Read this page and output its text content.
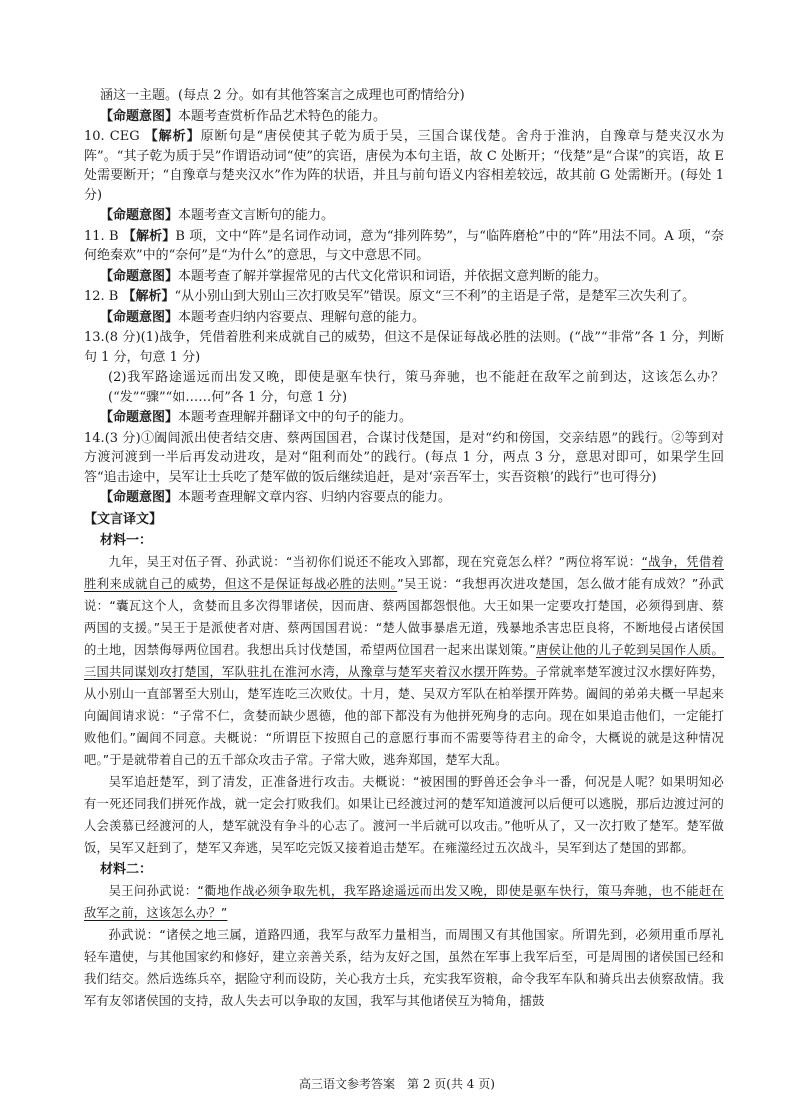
涵这一主题。(每点 2 分。如有其他答案言之成理也可酌情给分)

【命题意图】本题考查赏析作品艺术特色的能力。

10. CEG 【解析】原断句是“唐侯使其子乾为质于吴，三国合谋伐楚。舍舟于淮汭，自豫章与楚夹汉水为阵”。“其子乾为质于吴”作谓语动词“使”的宾语，唐侯为本句主语，故 C 处断开；“伐楚”是“合谋”的宾语，故 E 处需要断开；“自豫章与楚夹汉水”作为阵的状语，并且与前句语义内容相差较远，故其前 G 处需断开。(每处 1 分)

【命题意图】本题考查文言断句的能力。

11. B 【解析】B 项，文中“阵”是名词作动词，意为“排列阵势”，与“临阵磨枪”中的“阵”用法不同。A 项，“奈何绝秦欢”中的“奈何”是“为什么”的意思，与文中意思不同。

【命题意图】本题考查了解并掌握常见的古代文化常识和词语，并依据文意判断的能力。

12. B 【解析】“从小别山到大别山三次打败吴军”错误。原文“三不利”的主语是子常，是楚军三次失利了。

【命题意图】本题考查归纳内容要点、理解句意的能力。

13.(8 分)(1)战争，凭借着胜利来成就自己的威势，但这不是保证每战必胜的法则。(“战”“非常”各 1 分，判断句 1 分，句意 1 分)

(2)我军路途遥远而出发又晚，即使是驱车快行，策马奔驰，也不能赶在敌军之前到达，这该怎么办？(“发”“骤”“如……何”各 1 分，句意 1 分)

【命题意图】本题考查理解并翻译文中的句子的能力。

14.(3 分)①阖闾派出使者结交唐、蔡两国国君，合谋讨伐楚国，是对“约和傍国，交亲结恩”的践行。②等到对方渡河渡到一半后再发动进攻，是对“阻利而处”的践行。(每点 1 分，两点 3 分，意思对即可，如果学生回答“追击途中，吴军让士兵吃了楚军做的饭后继续追赶，是对‘亲吾军士，实吾资粮’的践行”也可得分)

【命题意图】本题考查理解文章内容、归纳内容要点的能力。

【文言译文】
材料一：

九年，吴王对伍子胥、孙武说：“当初你们说还不能攻入郢都，现在究竟怎么样？”两位将军说：“战争，凭借着胜利来成就自己的威势，但这不是保证每战必胜的法则。”吴王说：“我想再次进攻楚国，怎么做才能有成效？”孙武说：“囊瓦这个人，贪婪而且多次得罪诸侯，因而唐、蔡两国都怨恨他。大王如果一定要攻打楚国，必须得到唐、蔡两国的支援。”吴王于是派使者对唐、蔡两国国君说：“楚人做事暴虐无道，残暴地杀害忠臣良将，不断地侵占诸侯国的土地，因禁侮辱两位国君。我想出兵讨伐楚国，希望两位国君一起来出谋划策。”唐侯让他的儿子乾到吴国作人质。三国共同谋划攻打楚国，军队驻扎在淮河水湾，从豫章与楚军夹着汉水摆开阵势。子常就率楚军渡过汉水摆好阵势，从小别山一直部署至大别山，楚军连吃三次败仗。十月，楚、吴双方军队在柏举摆开阵势。阖闾的弟弟夫概一早起来向阖闾请求说：“子常不仁，贪婪而缺少恩德，他的部下都没有为他拼死殉身的志向。现在如果追击他们，一定能打败他们。”阖闾不同意。夫概说：“所谓臣下按照自己的意愿行事而不需要等待君主的命令，大概说的就是这种情况吧。”于是就带着自己的五千部众攻击子常。子常大败，逃奔郑国，楚军大乱。

吴军追赶楚军，到了清发，正准备进行攻击。夫概说：“被困围的野兽还会争斗一番，何况是人呢？如果明知必有一死还同我们拼死作战，就一定会打败我们。如果让已经渡过河的楚军知道渡河以后便可以逃脱，那后边渡过河的人会羡慕已经渡河的人，楚军就没有争斗的心志了。渡河一半后就可以攻击。”他听从了，又一次打败了楚军。楚军做饭，吴军又赶到了，楚军又奔逃，吴军吃完饭又接着追击楚军。在雍澨经过五次战斗，吴军到达了楚国的郢都。

材料二：

吴王问孙武说：“衢地作战必须争取先机，我军路途遥远而出发又晚，即使是驱车快行，策马奔驰，也不能赶在敌军之前，这该怎么办？”

孙武说：“诸侯之地三属，道路四通，我军与敌军力量相当，而周围又有其他国家。所谓先到，必须用重币厚礼轻车遣使，与其他国家约和修好，建立亲善关系，结为友好之国，虽然在军事上我军后至，可是周围的诸侯国已经和我们结交。然后选练兵卒，据险守利而设防，关心我方士兵，充实我军资粮，命令我军车队和骑兵出去侦察敌情。我军有友邻诸侯国的支持，敌人失去可以争取的友国，我军与其他诸侯互为犄角，擂鼓

高三语文参考答案　第 2 页(共 4 页)
